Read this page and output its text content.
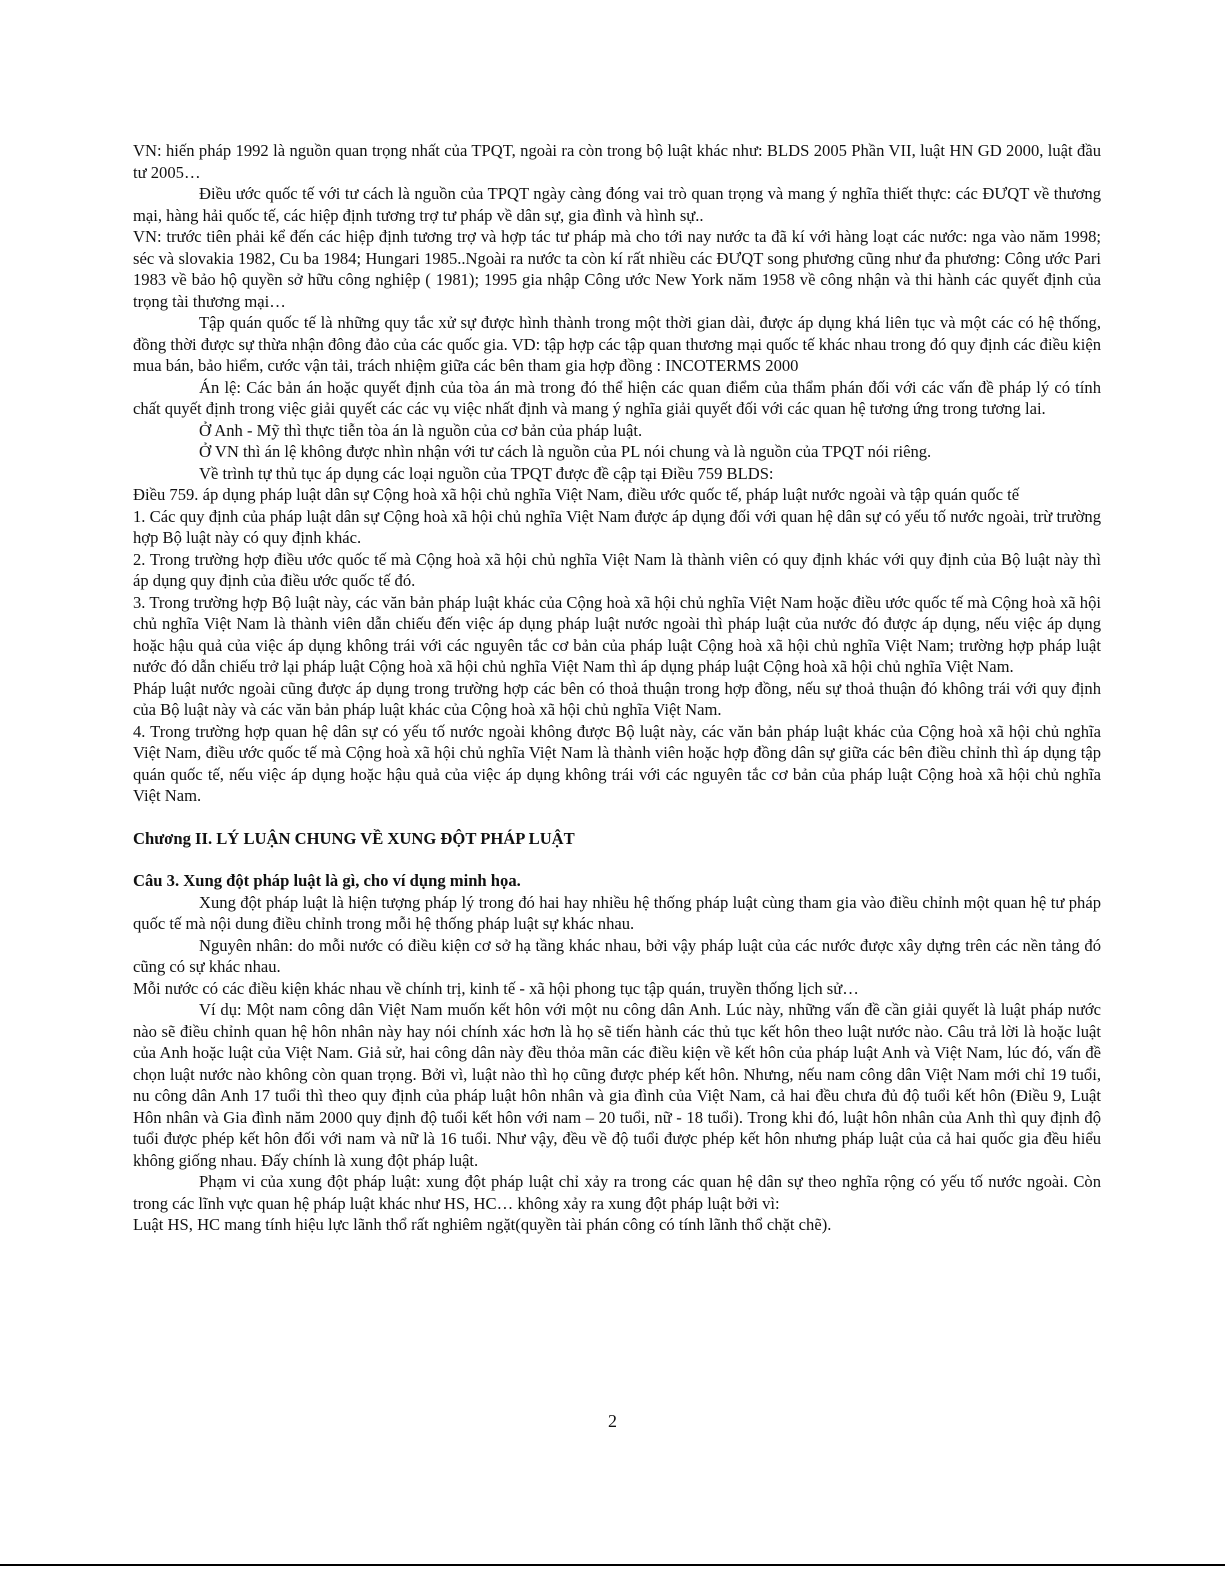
VN: hiến pháp 1992 là nguồn quan trọng nhất của TPQT, ngoài ra còn trong bộ luật khác như: BLDS 2005 Phần VII, luật HN GD 2000, luật đầu tư 2005…

Điều ước quốc tế với tư cách là nguồn của TPQT ngày càng đóng vai trò quan trọng và mang ý nghĩa thiết thực: các ĐƯQT về thương mại, hàng hải quốc tế, các hiệp định tương trợ tư pháp về dân sự, gia đình và hình sự..

VN: trước tiên phải kể đến các hiệp định tương trợ và hợp tác tư pháp mà cho tới nay nước ta đã kí với hàng loạt các nước: nga vào năm 1998; séc và slovakia 1982, Cu ba 1984; Hungari 1985..Ngoài ra nước ta còn kí rất nhiều các ĐƯQT song phương cũng như đa phương: Công ước Pari 1983 về bảo hộ quyền sở hữu công nghiệp ( 1981); 1995 gia nhập Công ước New York năm 1958 về công nhận và thi hành các quyết định của trọng tài thương mại…

Tập quán quốc tế là những quy tắc xử sự được hình thành trong một thời gian dài, được áp dụng khá liên tục và một các có hệ thống, đồng thời được sự thừa nhận đông đảo của các quốc gia. VD: tập hợp các tập quan thương mại quốc tế khác nhau trong đó quy định các điều kiện mua bán, bảo hiểm, cước vận tải, trách nhiệm giữa các bên tham gia hợp đồng : INCOTERMS 2000

Án lệ: Các bản án hoặc quyết định của tòa án mà trong đó thể hiện các quan điểm của thẩm phán đối với các vấn đề pháp lý có tính chất quyết định trong việc giải quyết các các vụ việc nhất định và mang ý nghĩa giải quyết đối với các quan hệ tương ứng trong tương lai.

Ở Anh - Mỹ thì thực tiễn tòa án là nguồn của cơ bản của pháp luật.

Ở VN thì án lệ không được nhìn nhận với tư cách là nguồn của PL nói chung và là nguồn của TPQT nói riêng.

Về trình tự thủ tục áp dụng các loại nguồn của TPQT được đề cập tại Điều 759 BLDS:

Điều 759. áp dụng pháp luật dân sự Cộng hoà xã hội chủ nghĩa Việt Nam, điều ước quốc tế, pháp luật nước ngoài và tập quán quốc tế

1. Các quy định của pháp luật dân sự Cộng hoà xã hội chủ nghĩa Việt Nam được áp dụng đối với quan hệ dân sự có yếu tố nước ngoài, trừ trường hợp Bộ luật này có quy định khác.

2. Trong trường hợp điều ước quốc tế mà Cộng hoà xã hội chủ nghĩa Việt Nam là thành viên có quy định khác với quy định của Bộ luật này thì áp dụng quy định của điều ước quốc tế đó.

3. Trong trường hợp Bộ luật này, các văn bản pháp luật khác của Cộng hoà xã hội chủ nghĩa Việt Nam hoặc điều ước quốc tế mà Cộng hoà xã hội chủ nghĩa Việt Nam là thành viên dẫn chiếu đến việc áp dụng pháp luật nước ngoài thì pháp luật của nước đó được áp dụng, nếu việc áp dụng hoặc hậu quả của việc áp dụng không trái với các nguyên tắc cơ bản của pháp luật Cộng hoà xã hội chủ nghĩa Việt Nam; trường hợp pháp luật nước đó dẫn chiếu trở lại pháp luật Cộng hoà xã hội chủ nghĩa Việt Nam thì áp dụng pháp luật Cộng hoà xã hội chủ nghĩa Việt Nam.

Pháp luật nước ngoài cũng được áp dụng trong trường hợp các bên có thoả thuận trong hợp đồng, nếu sự thoả thuận đó không trái với quy định của Bộ luật này và các văn bản pháp luật khác của Cộng hoà xã hội chủ nghĩa Việt Nam.

4. Trong trường hợp quan hệ dân sự có yếu tố nước ngoài không được Bộ luật này, các văn bản pháp luật khác của Cộng hoà xã hội chủ nghĩa Việt Nam, điều ước quốc tế mà Cộng hoà xã hội chủ nghĩa Việt Nam là thành viên hoặc hợp đồng dân sự giữa các bên điều chỉnh thì áp dụng tập quán quốc tế, nếu việc áp dụng hoặc hậu quả của việc áp dụng không trái với các nguyên tắc cơ bản của pháp luật Cộng hoà xã hội chủ nghĩa Việt Nam.

Chương II. LÝ LUẬN CHUNG VỀ XUNG ĐỘT PHÁP LUẬT
Câu 3. Xung đột pháp luật là gì, cho ví dụng minh họa.

Xung đột pháp luật là hiện tượng pháp lý trong đó hai hay nhiều hệ thống pháp luật cùng tham gia vào điều chỉnh một quan hệ tư pháp quốc tế mà nội dung điều chỉnh trong mỗi hệ thống pháp luật sự khác nhau.

Nguyên nhân: do mỗi nước có điều kiện cơ sở hạ tầng khác nhau, bởi vậy pháp luật của các nước được xây dựng trên các nền tảng đó cũng có sự khác nhau.

Mỗi nước có các điều kiện khác nhau về chính trị, kinh tế - xã hội phong tục tập quán, truyền thống lịch sử…

Ví dụ: Một nam công dân Việt Nam muốn kết hôn với một nu công dân Anh. Lúc này, những vấn đề cần giải quyết là luật pháp nước nào sẽ điều chỉnh quan hệ hôn nhân này hay nói chính xác hơn là họ sẽ tiến hành các thủ tục kết hôn theo luật nước nào. Câu trả lời là hoặc luật của Anh hoặc luật của Việt Nam. Giả sử, hai công dân này đều thỏa mãn các điều kiện về kết hôn của pháp luật Anh và Việt Nam, lúc đó, vấn đề chọn luật nước nào không còn quan trọng. Bởi vì, luật nào thì họ cũng được phép kết hôn. Nhưng, nếu nam công dân Việt Nam mới chỉ 19 tuổi, nu công dân Anh 17 tuổi thì theo quy định của pháp luật hôn nhân và gia đình của Việt Nam, cả hai đều chưa đủ độ tuổi kết hôn (Điều 9, Luật Hôn nhân và Gia đình năm 2000 quy định độ tuổi kết hôn với nam – 20 tuổi, nữ - 18 tuổi). Trong khi đó, luật hôn nhân của Anh thì quy định độ tuổi được phép kết hôn đối với nam và nữ là 16 tuổi. Như vậy, đều về độ tuổi được phép kết hôn nhưng pháp luật của cả hai quốc gia đều hiểu không giống nhau. Đấy chính là xung đột pháp luật.

Phạm vi của xung đột pháp luật: xung đột pháp luật chỉ xảy ra trong các quan hệ dân sự theo nghĩa rộng có yếu tố nước ngoài. Còn trong các lĩnh vực quan hệ pháp luật khác như HS, HC… không xảy ra xung đột pháp luật bởi vì:

Luật HS, HC mang tính hiệu lực lãnh thổ rất nghiêm ngặt(quyền tài phán công có tính lãnh thổ chặt chẽ).

2
